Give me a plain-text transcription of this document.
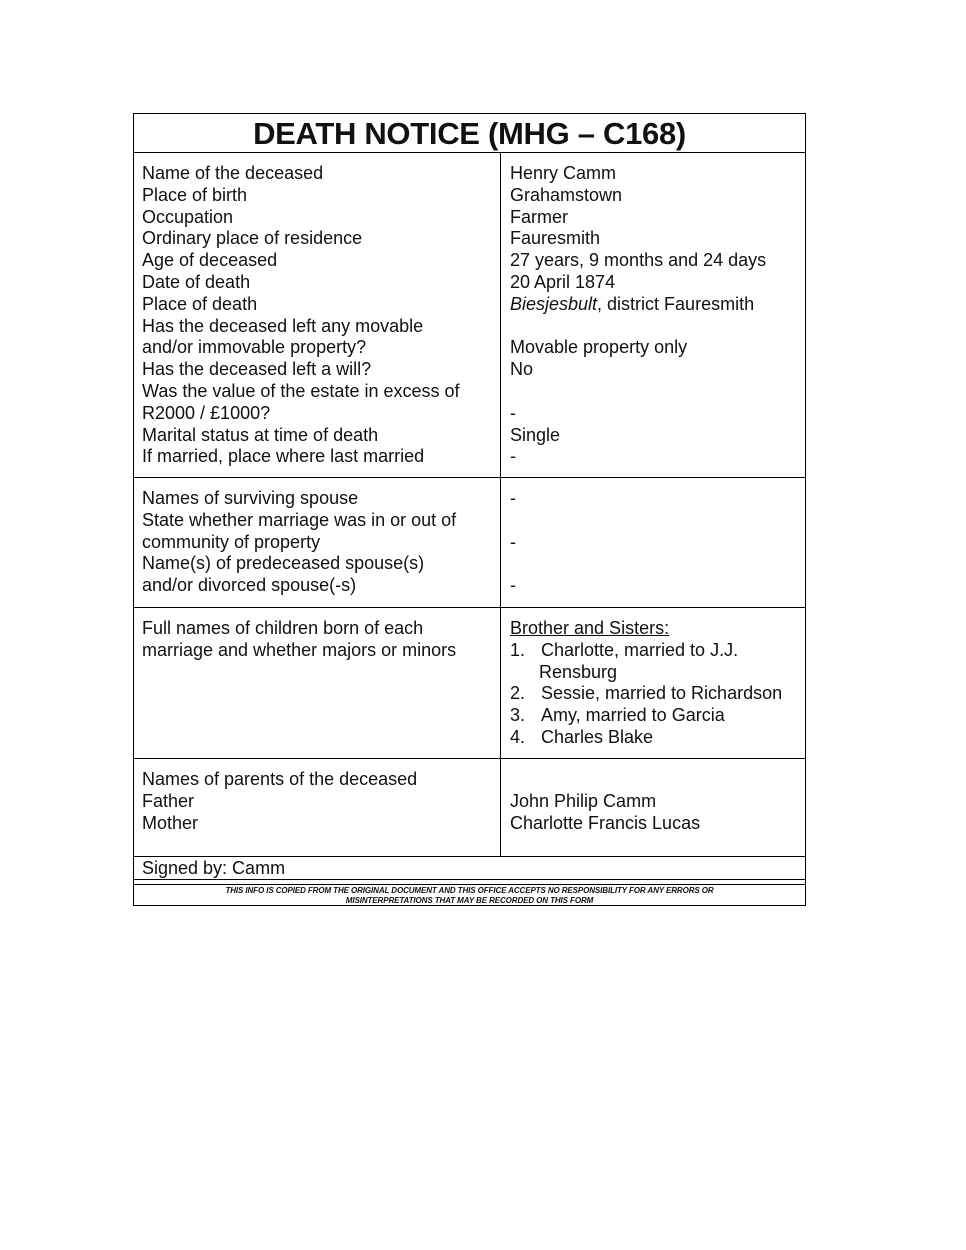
DEATH NOTICE (MHG – C168)
Name of the deceased
Place of birth
Occupation
Ordinary place of residence
Age of deceased
Date of death
Place of death
Has the deceased left any movable
and/or immovable property?
Has the deceased left a will?
Was the value of the estate in excess of
R2000 / £1000?
Marital status at time of death
If married, place where last married
Henry Camm
Grahamstown
Farmer
Fauresmith
27 years, 9 months and 24 days
20 April 1874
Biesjesbult, district Fauresmith
Movable property only
No
-
Single
-
Names of surviving spouse
State whether marriage was in or out of
community of property
Name(s) of predeceased spouse(s)
and/or divorced spouse(-s)
-
-
-
Full names of children born of each
marriage and whether majors or minors
Brother and Sisters:
1. Charlotte, married to J.J.
Rensburg
2. Sessie, married to Richardson
3. Amy, married to Garcia
4. Charles Blake
Names of parents of the deceased
Father
Mother
John Philip Camm
Charlotte Francis Lucas
Signed by: Camm
THIS INFO IS COPIED FROM THE ORIGINAL DOCUMENT AND THIS OFFICE ACCEPTS NO RESPONSIBILITY FOR ANY ERRORS OR
MISINTERPRETATIONS THAT MAY BE RECORDED ON THIS FORM
